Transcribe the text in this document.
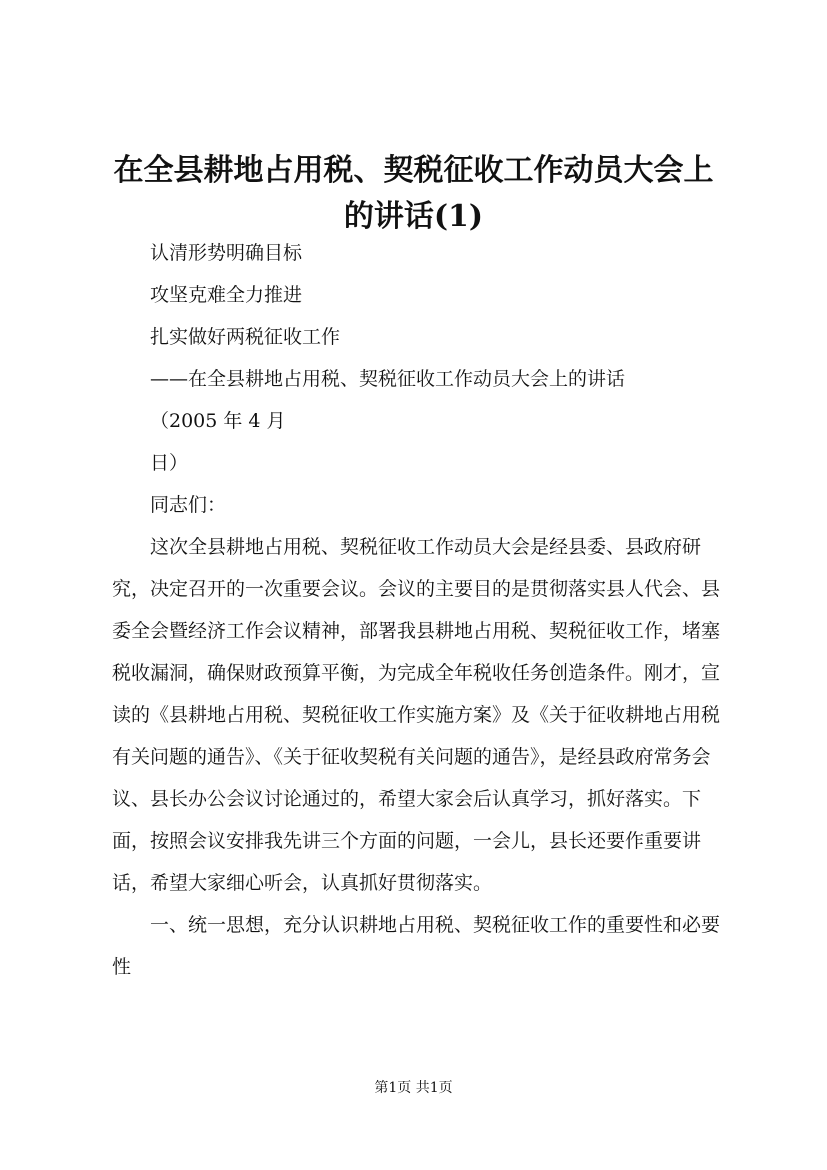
在全县耕地占用税、契税征收工作动员大会上
的讲话(1)

认清形势明确目标

攻坚克难全力推进

扎实做好两税征收工作

——在全县耕地占用税、契税征收工作动员大会上的讲话

（2005 年 4 月

日）

同志们：

这次全县耕地占用税、契税征收工作动员大会是经县委、县政府研究，决定召开的一次重要会议。会议的主要目的是贯彻落实县人代会、县委全会暨经济工作会议精神，部署我县耕地占用税、契税征收工作，堵塞税收漏洞，确保财政预算平衡，为完成全年税收任务创造条件。刚才，宣读的《县耕地占用税、契税征收工作实施方案》及《关于征收耕地占用税有关问题的通告》、《关于征收契税有关问题的通告》，是经县政府常务会议、县长办公会议讨论通过的，希望大家会后认真学习，抓好落实。下面，按照会议安排我先讲三个方面的问题，一会儿，县长还要作重要讲话，希望大家细心听会，认真抓好贯彻落实。

一、统一思想，充分认识耕地占用税、契税征收工作的重要性和必要性

第1页 共1页
